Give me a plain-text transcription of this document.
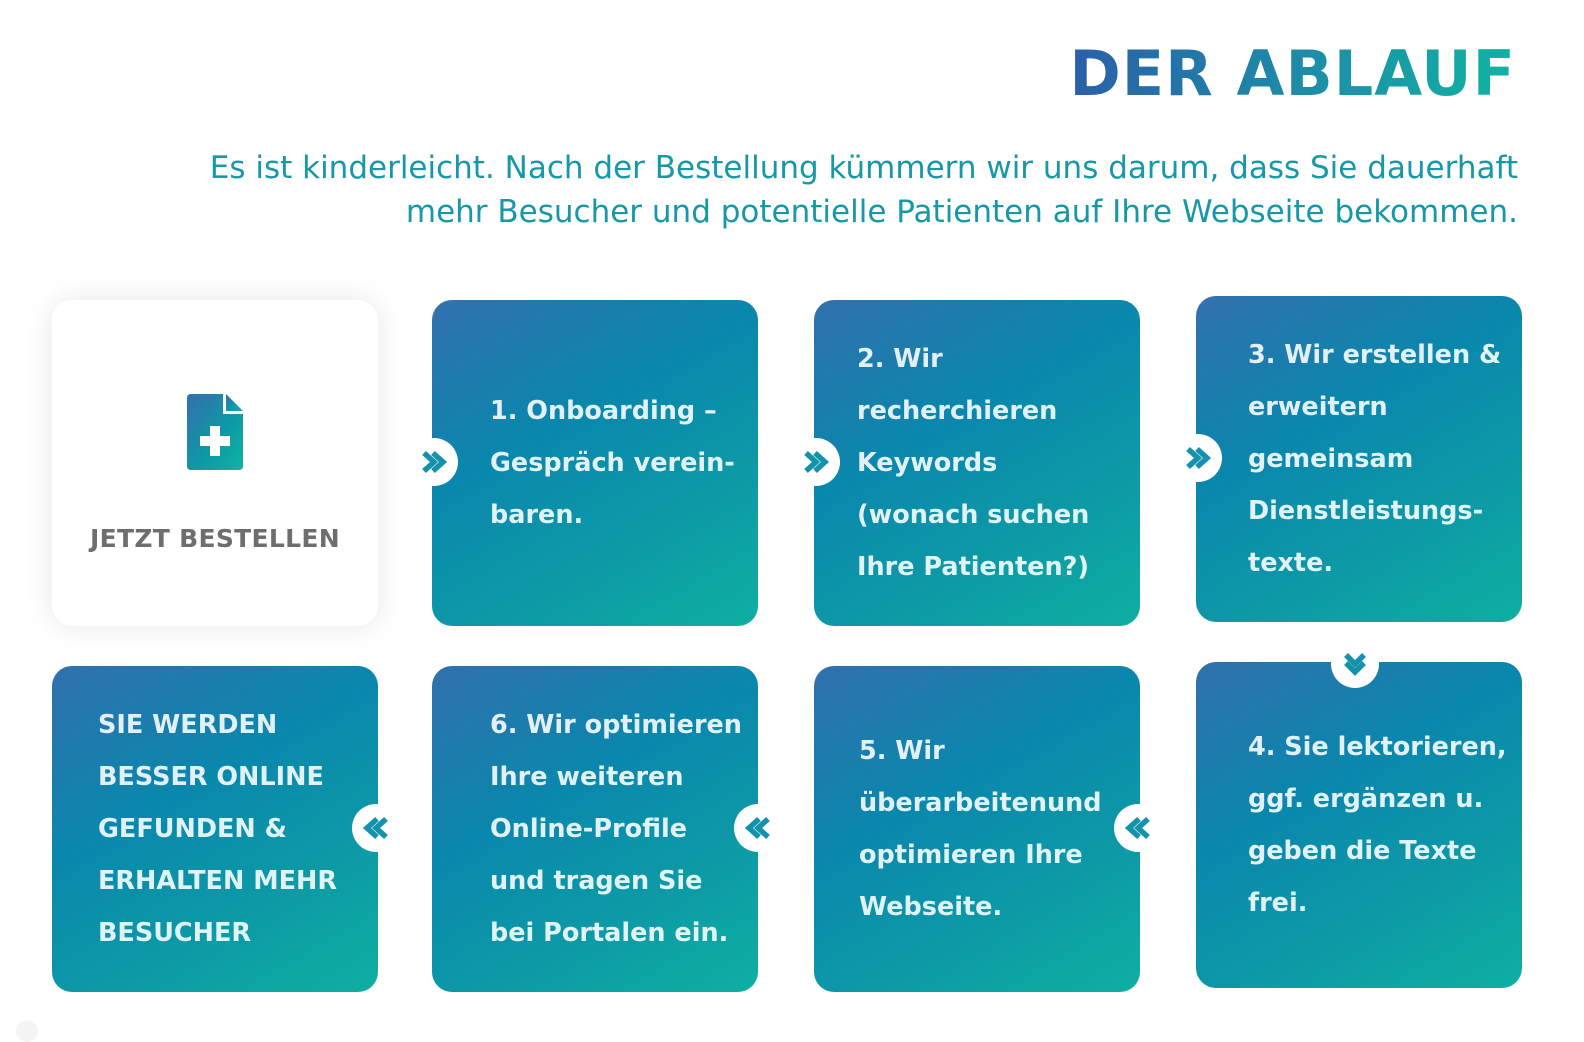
DER ABLAUF

Es ist kinderleicht. Nach der Bestellung kümmern wir uns darum, dass Sie dauerhaft
mehr Besucher und potentielle Patienten auf Ihre Webseite bekommen.

JETZT BESTELLEN
1. Onboarding –
Gespräch verein-
baren.
2. Wir
recherchieren
Keywords
(wonach suchen
Ihre Patienten?)
3. Wir erstellen &
erweitern
gemeinsam
Dienstleistungs-
texte.
SIE WERDEN
BESSER ONLINE
GEFUNDEN &
ERHALTEN MEHR
BESUCHER
6. Wir optimieren
Ihre weiteren
Online-Profile
und tragen Sie
bei Portalen ein.
5. Wir
überarbeitenund
optimieren Ihre
Webseite.
4. Sie lektorieren,
ggf. ergänzen u.
geben die Texte
frei.
